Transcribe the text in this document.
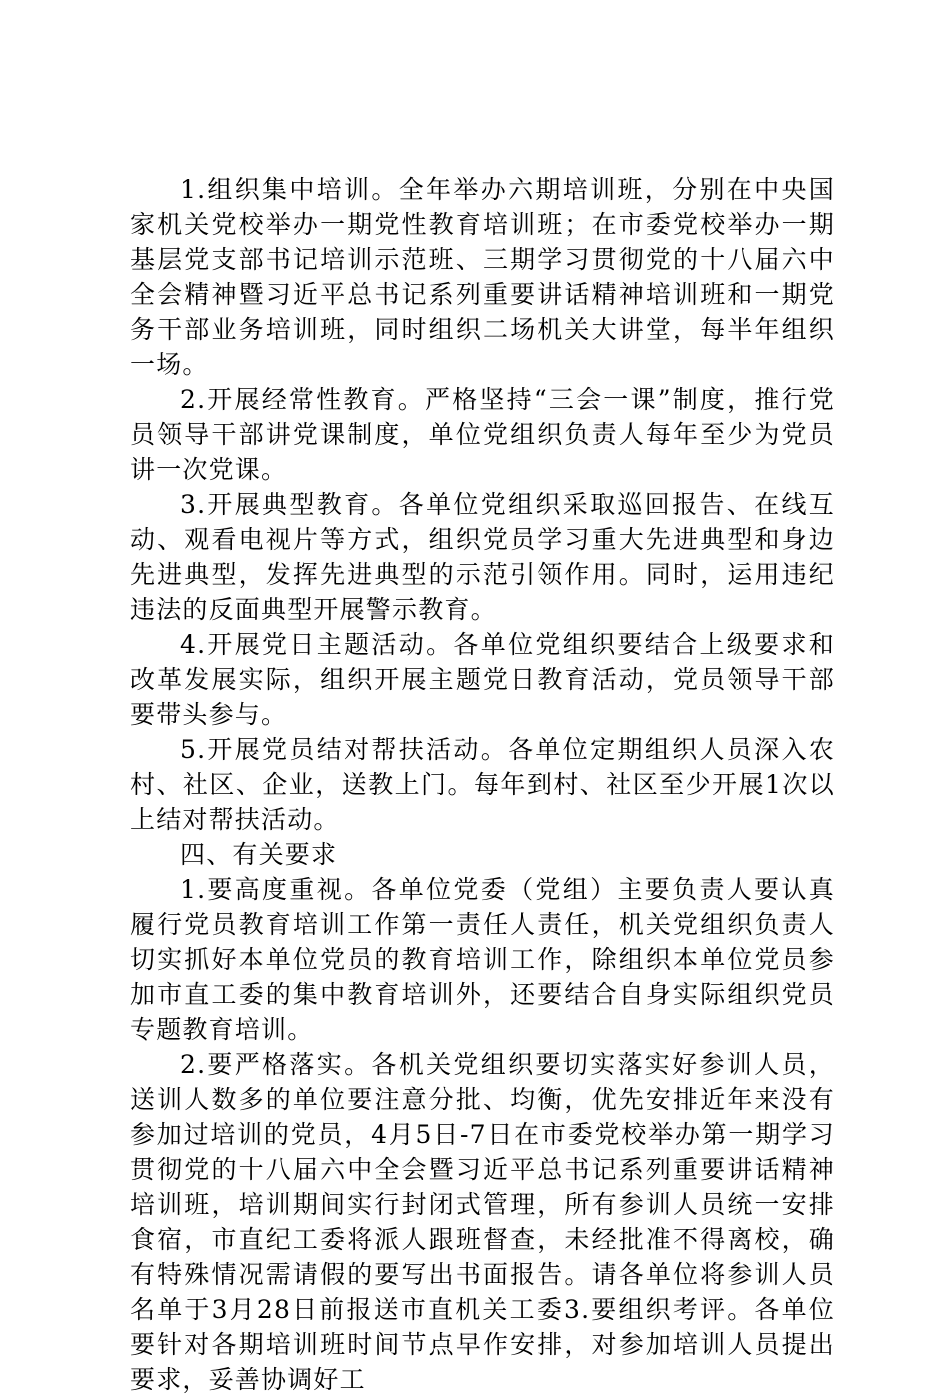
1.组织集中培训。全年举办六期培训班，分别在中央国家机关党校举办一期党性教育培训班；在市委党校举办一期基层党支部书记培训示范班、三期学习贯彻党的十八届六中全会精神暨习近平总书记系列重要讲话精神培训班和一期党务干部业务培训班，同时组织二场机关大讲堂，每半年组织一场。

2.开展经常性教育。严格坚持“三会一课”制度，推行党员领导干部讲党课制度，单位党组织负责人每年至少为党员讲一次党课。

3.开展典型教育。各单位党组织采取巡回报告、在线互动、观看电视片等方式，组织党员学习重大先进典型和身边先进典型，发挥先进典型的示范引领作用。同时，运用违纪违法的反面典型开展警示教育。

4.开展党日主题活动。各单位党组织要结合上级要求和改革发展实际，组织开展主题党日教育活动，党员领导干部要带头参与。

5.开展党员结对帮扶活动。各单位定期组织人员深入农村、社区、企业，送教上门。每年到村、社区至少开展1次以上结对帮扶活动。

四、有关要求

1.要高度重视。各单位党委（党组）主要负责人要认真履行党员教育培训工作第一责任人责任，机关党组织负责人切实抓好本单位党员的教育培训工作，除组织本单位党员参加市直工委的集中教育培训外，还要结合自身实际组织党员专题教育培训。

2.要严格落实。各机关党组织要切实落实好参训人员，送训人数多的单位要注意分批、均衡，优先安排近年来没有参加过培训的党员，4月5日-7日在市委党校举办第一期学习贯彻党的十八届六中全会暨习近平总书记系列重要讲话精神培训班，培训期间实行封闭式管理，所有参训人员统一安排食宿，市直纪工委将派人跟班督查，未经批准不得离校，确有特殊情况需请假的要写出书面报告。请各单位将参训人员名单于3月28日前报送市直机关工委3.要组织考评。各单位要针对各期培训班时间节点早作安排，对参加培训人员提出要求，妥善协调好工
